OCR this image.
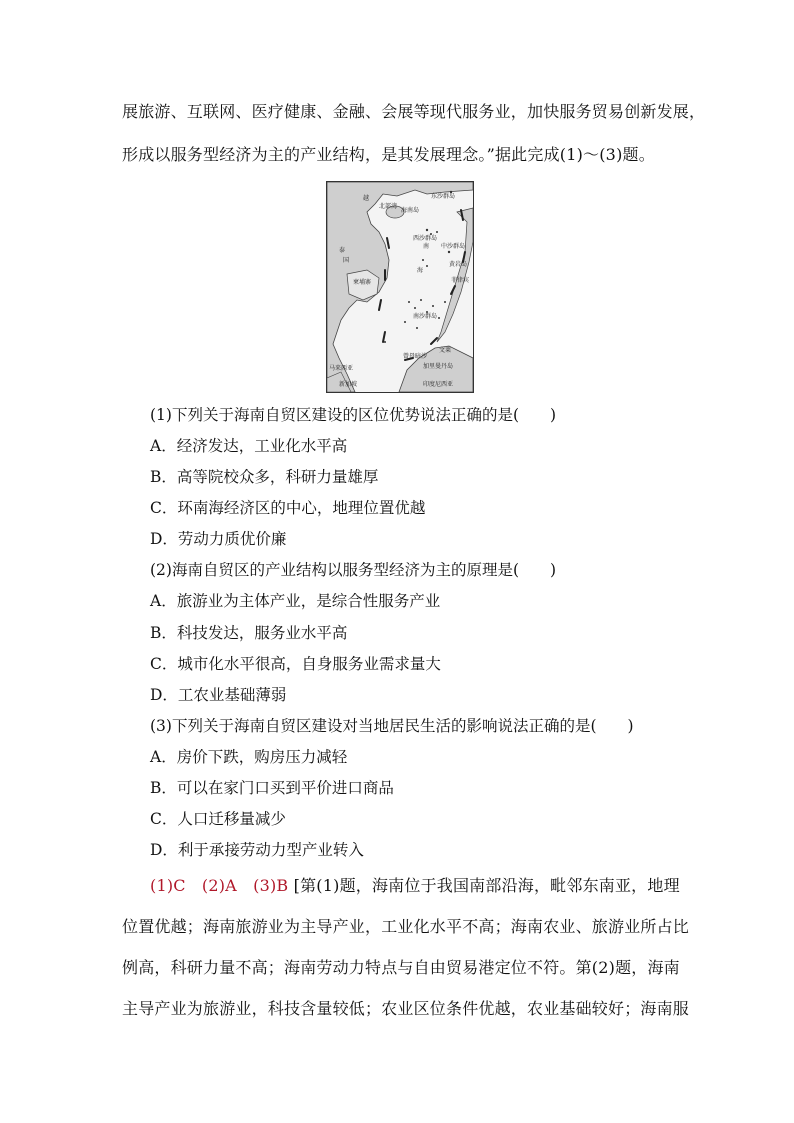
展旅游、互联网、医疗健康、金融、会展等现代服务业，加快服务贸易创新发展，
形成以服务型经济为主的产业结构，是其发展理念。”据此完成(1)～(3)题。
越
北部湾
海南岛
西沙群岛
泰
国
柬埔寨
中沙群岛
南
黄岩岛
海
南沙群岛
曾母暗沙
文莱
马来西亚
新加坡	印度尼西亚
加里曼丹岛
菲律宾
东沙群岛
(1)下列关于海南自贸区建设的区位优势说法正确的是(　　)
A．经济发达，工业化水平高
B．高等院校众多，科研力量雄厚
C．环南海经济区的中心，地理位置优越
D．劳动力质优价廉
(2)海南自贸区的产业结构以服务型经济为主的原理是(　　)
A．旅游业为主体产业，是综合性服务产业
B．科技发达，服务业水平高
C．城市化水平很高，自身服务业需求量大
D．工农业基础薄弱
(3)下列关于海南自贸区建设对当地居民生活的影响说法正确的是(　　)
A．房价下跌，购房压力减轻
B．可以在家门口买到平价进口商品
C．人口迁移量减少
D．利于承接劳动力型产业转入
(1)C　(2)A　(3)B [第(1)题，海南位于我国南部沿海，毗邻东南亚，地理
位置优越；海南旅游业为主导产业，工业化水平不高；海南农业、旅游业所占比
例高，科研力量不高；海南劳动力特点与自由贸易港定位不符。第(2)题，海南
主导产业为旅游业，科技含量较低；农业区位条件优越，农业基础较好；海南服
